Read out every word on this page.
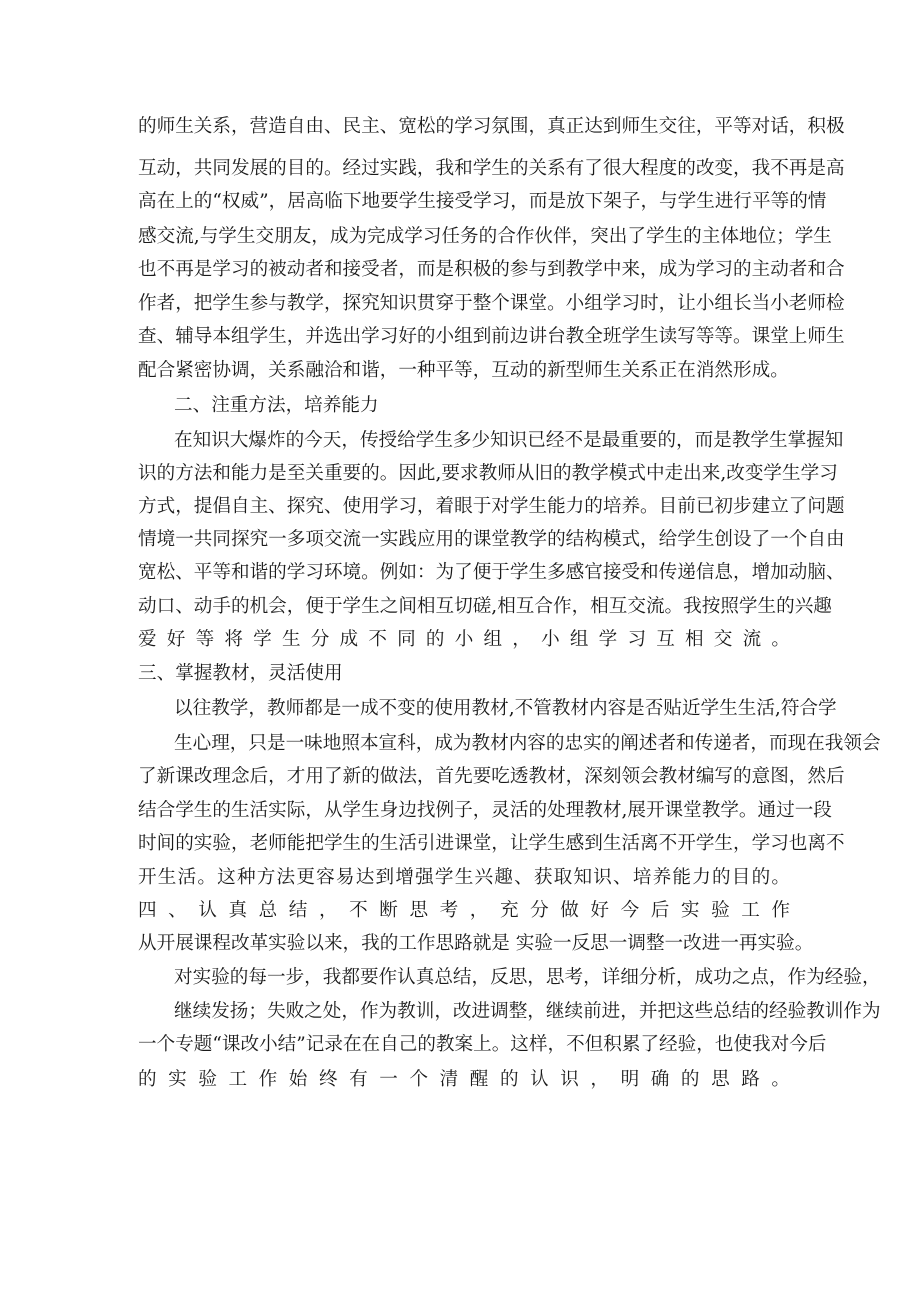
的师生关系，营造自由、民主、宽松的学习氛围，真正达到师生交往，平等对话，积极
互动，共同发展的目的。经过实践，我和学生的关系有了很大程度的改变，我不再是高
高在上的“权威”，居高临下地要学生接受学习，而是放下架子，与学生进行平等的情
感交流,与学生交朋友，成为完成学习任务的合作伙伴，突出了学生的主体地位；学生
也不再是学习的被动者和接受者，而是积极的参与到教学中来，成为学习的主动者和合
作者，把学生参与教学，探究知识贯穿于整个课堂。小组学习时，让小组长当小老师检
查、辅导本组学生，并选出学习好的小组到前边讲台教全班学生读写等等。课堂上师生
配合紧密协调，关系融洽和谐，一种平等，互动的新型师生关系正在消然形成。
二、注重方法，培养能力
在知识大爆炸的今天，传授给学生多少知识已经不是最重要的，而是教学生掌握知
识的方法和能力是至关重要的。因此,要求教师从旧的教学模式中走出来,改变学生学习
方式，提倡自主、探究、使用学习，着眼于对学生能力的培养。目前已初步建立了问题
情境一共同探究一多项交流一实践应用的课堂教学的结构模式，给学生创设了一个自由
宽松、平等和谐的学习环境。例如：为了便于学生多感官接受和传递信息，增加动脑、
动口、动手的机会，便于学生之间相互切磋,相互合作，相互交流。我按照学生的兴趣
爱好等将学生分成不同的小组，小组学习互相交流。
三、掌握教材，灵活使用
以往教学，教师都是一成不变的使用教材,不管教材内容是否贴近学生生活,符合学
生心理，只是一味地照本宣科，成为教材内容的忠实的阐述者和传递者，而现在我领会
了新课改理念后，才用了新的做法，首先要吃透教材，深刻领会教材编写的意图，然后
结合学生的生活实际，从学生身边找例子，灵活的处理教材,展开课堂教学。通过一段
时间的实验，老师能把学生的生活引进课堂，让学生感到生活离不开学生，学习也离不
开生活。这种方法更容易达到增强学生兴趣、获取知识、培养能力的目的。
四、认真总结，不断思考，充分做好今后实验工作
从开展课程改革实验以来，我的工作思路就是 实验一反思一调整一改进一再实验。
对实验的每一步，我都要作认真总结，反思，思考，详细分析，成功之点，作为经验，
继续发扬；失败之处，作为教训，改进调整，继续前进，并把这些总结的经验教训作为
一个专题“课改小结”记录在在自己的教案上。这样，不但积累了经验，也使我对今后
的实验工作始终有一个清醒的认识，明确的思路。
